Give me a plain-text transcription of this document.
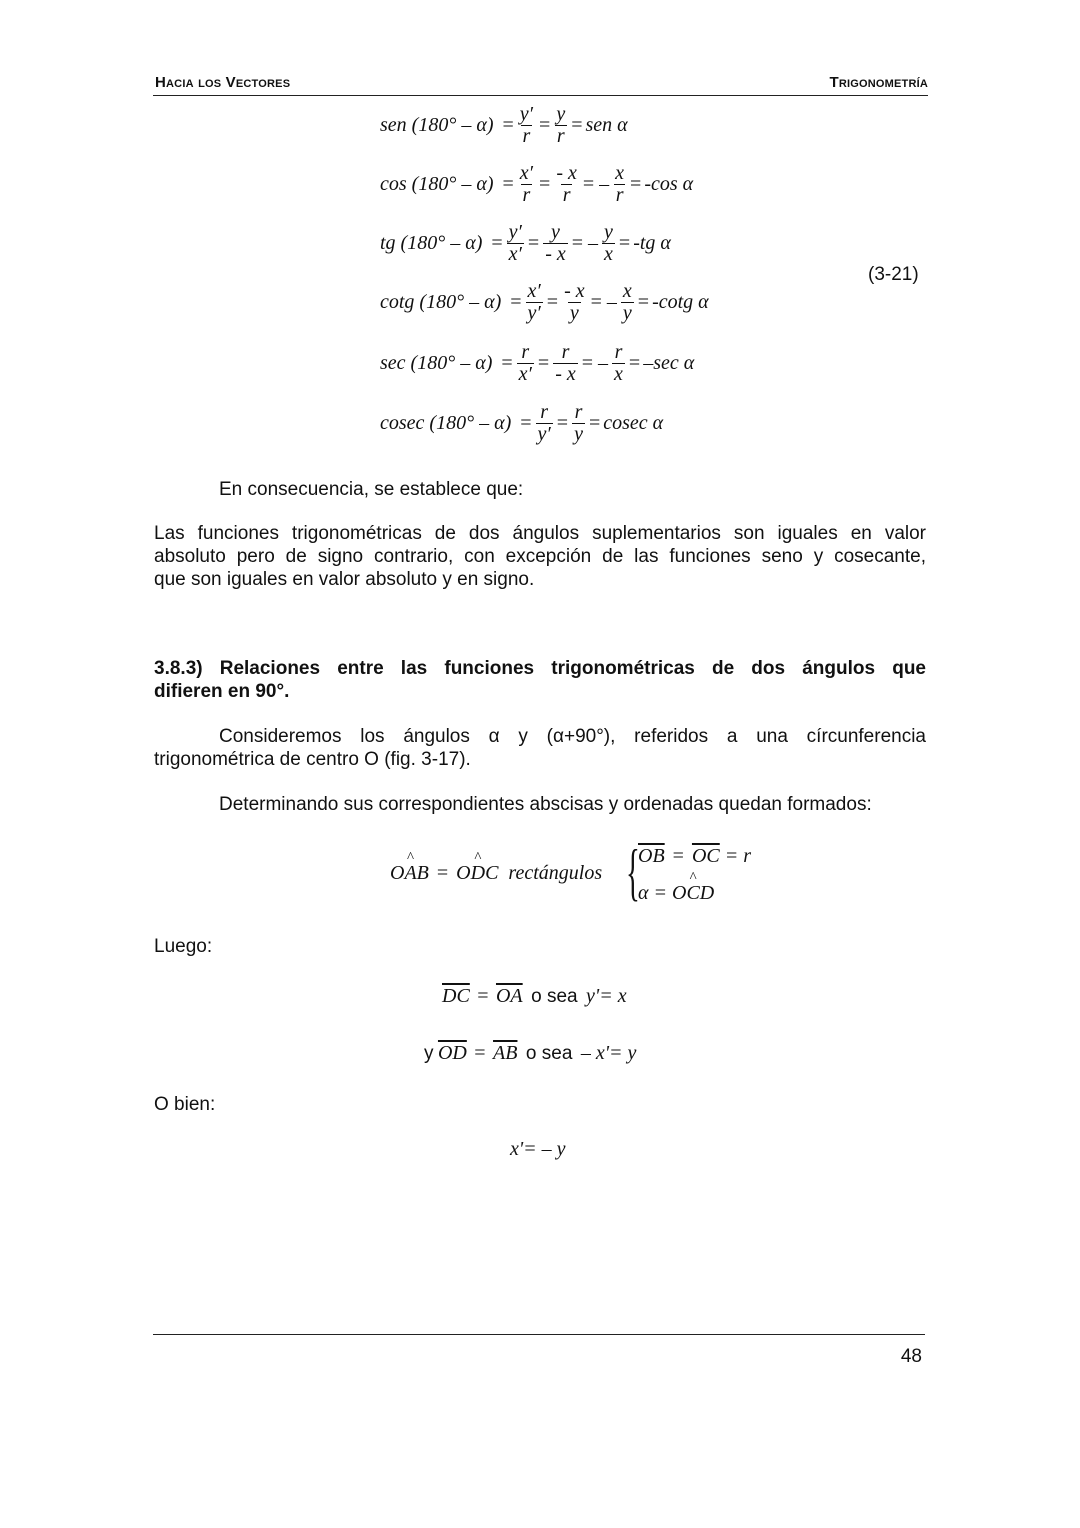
Hacia los Vectores	Trigonometría
sen $(180^\circ - \alpha) = \frac{y'}{r} = \frac{y}{r}$ = sen α
$\cos (180^\circ - \alpha) = \frac{x'}{r} = \frac{- x}{r}$ = – $\frac{x}{r} = -\cos$ α
tg $(180^\circ - \alpha) = \frac{y'}{x'} = \frac{y}{- x}$ = – $\frac{y}{x} = -tg$ α
cotg $(180^\circ - \alpha) = \frac{x'}{y'} = \frac{- x}{y}$ = – $\frac{x}{y} = -\cot g$ α
$\sec (180^\circ - \alpha) = \frac{r}{x'} = \frac{r}{- x}$ = – $\frac{r}{x} = -\sec$ α
cosec $(180^\circ - \alpha) = \frac{r}{y'} = \frac{r}{y} = cosec$ α
(3-21)
En consecuencia, se establece que:
Las funciones trigonométricas de dos ángulos suplementarios son iguales en valor
absoluto pero de signo contrario, con excepción de las funciones seno y cosecante,
que son iguales en valor absoluto y en signo.
3.8.3) Relaciones entre las funciones trigonométricas de dos ángulos que
difieren en 90°.
Consideremos los ángulos α y (α+90°), referidos a una círcunferencia
trigonométrica de centro O (fig. 3-17).
Determinando sus correspondientes abscisas y ordenadas quedan formados:
O^ AB = O^ DC rectángulos {
$\overline{OB} = \overline{OC} = r$
α = O^ CD
Luego:
$\overline{DC} = \overline{OA}$ o sea y'= x
y $\overline{OD} = \overline{AB}$ o sea – x'= y
O bien:
x'= – y
48
